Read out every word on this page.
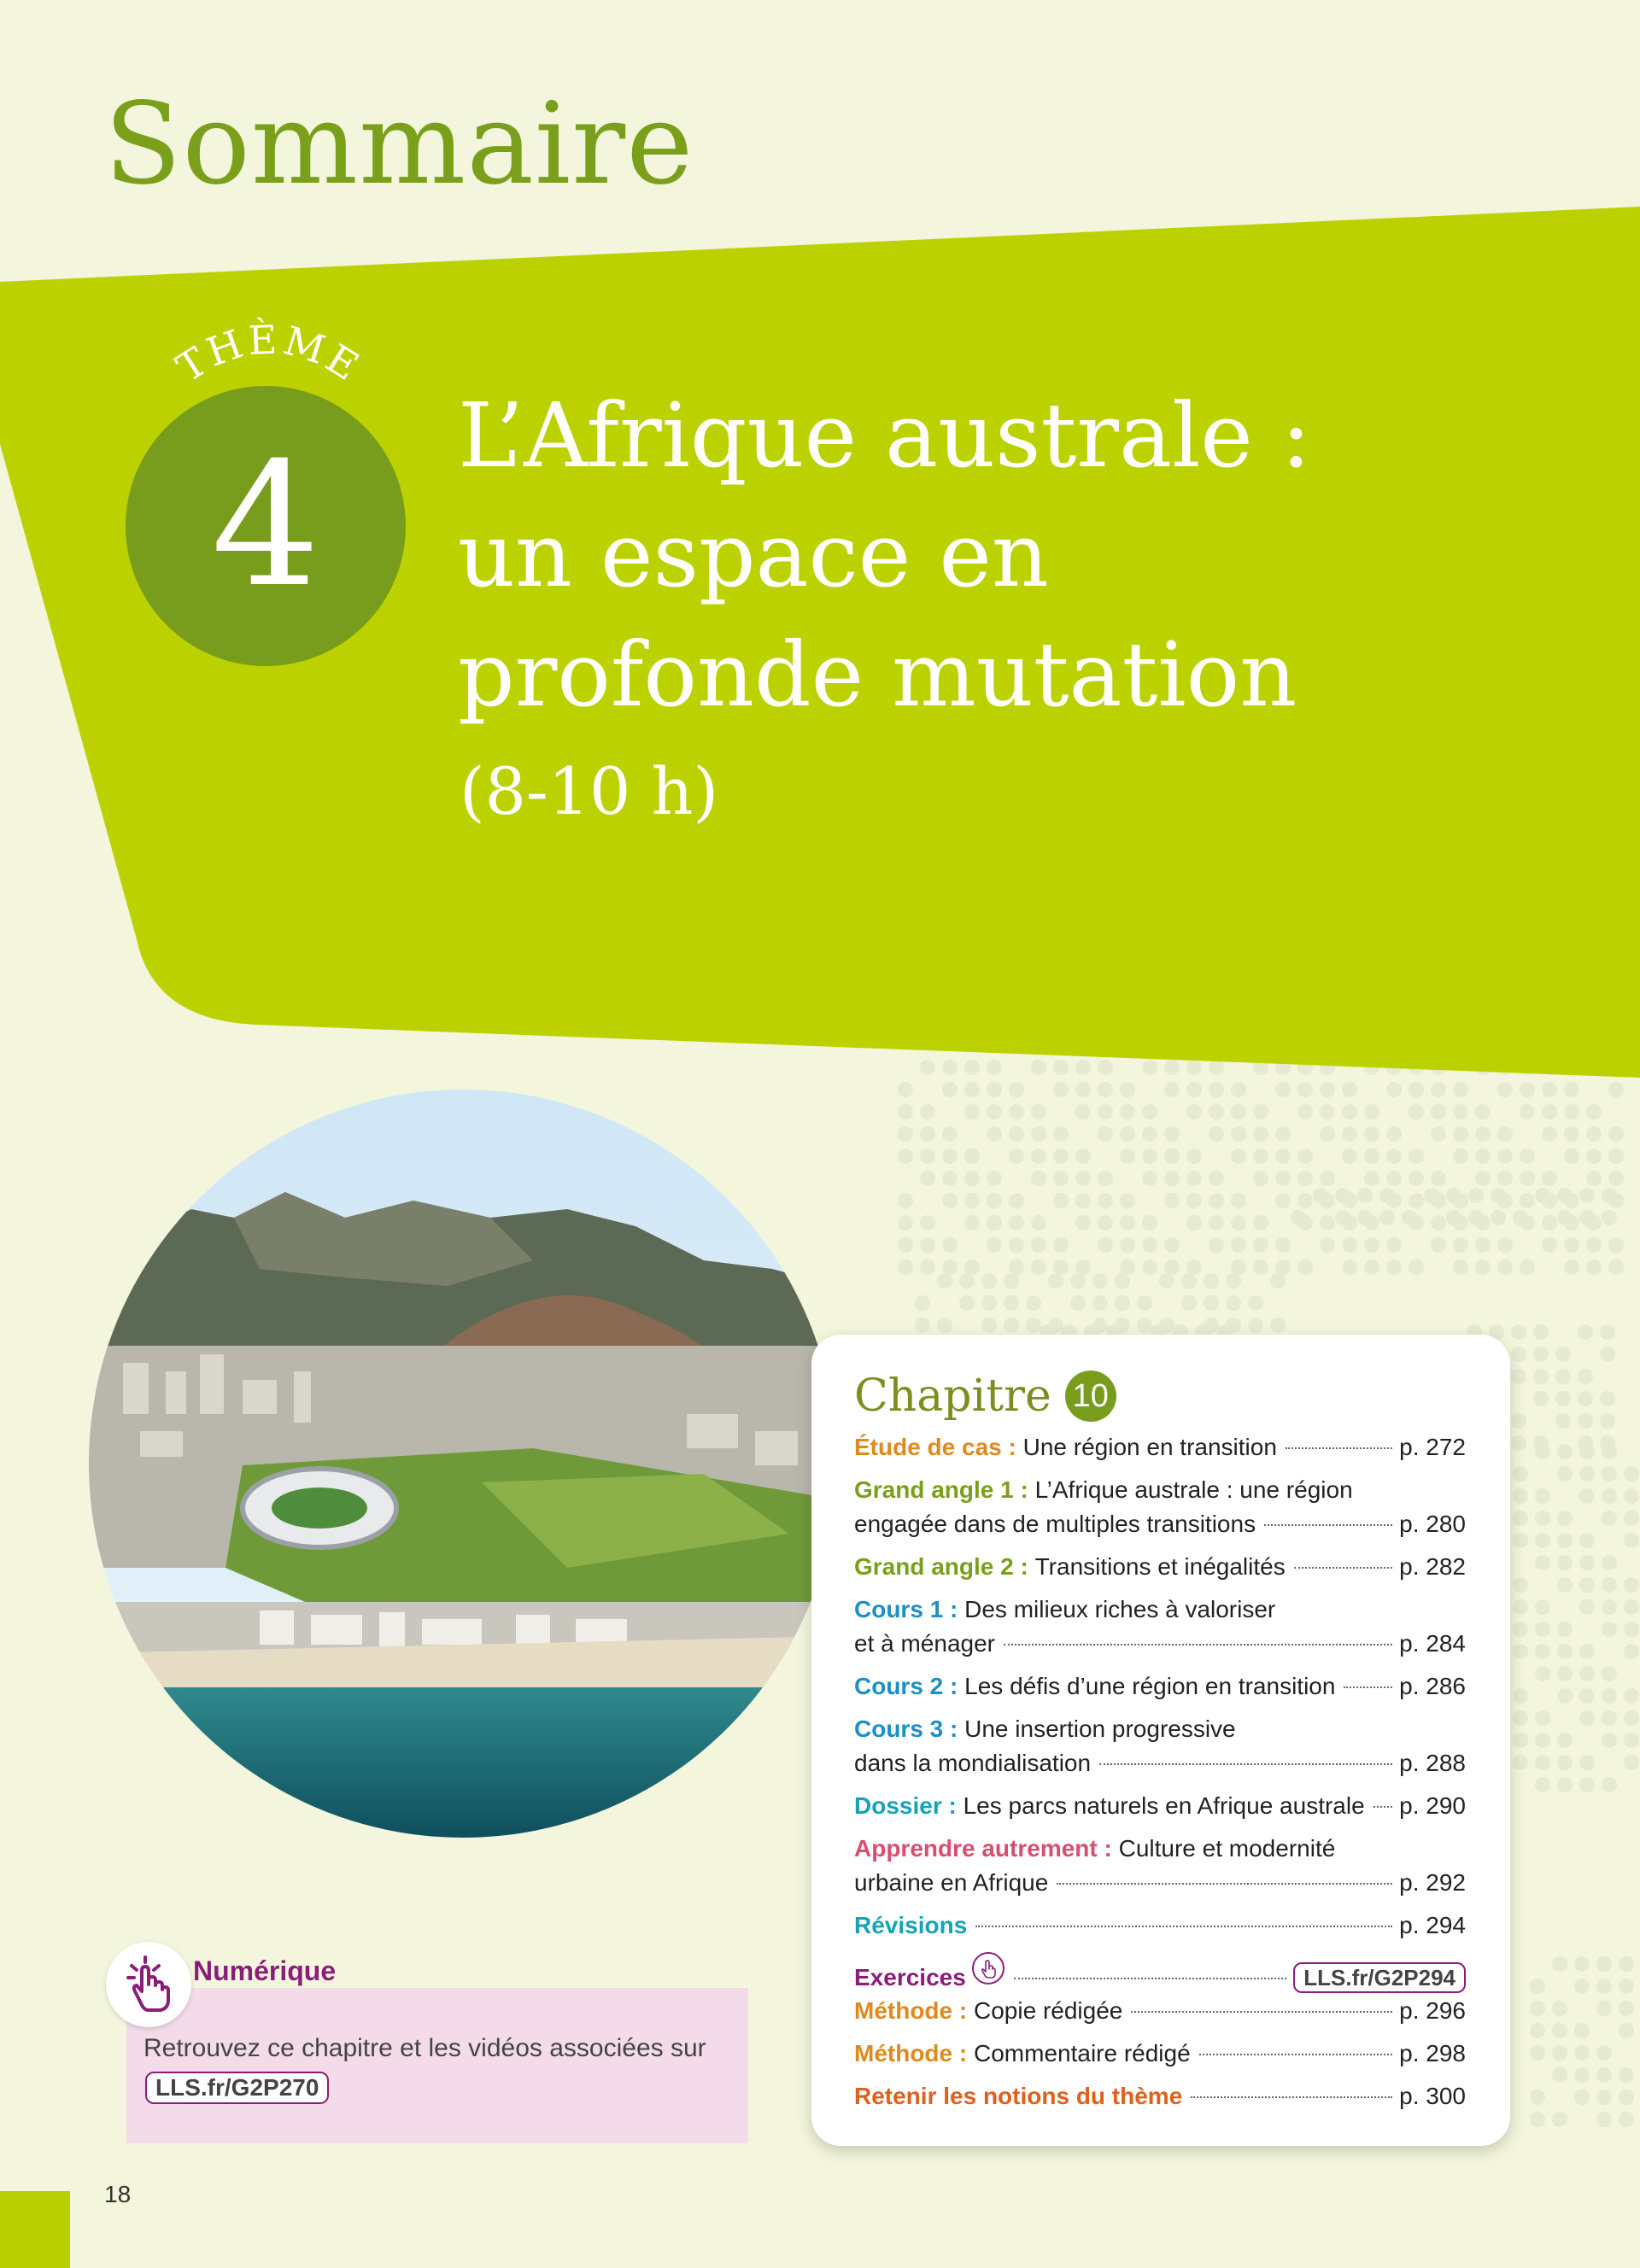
Sommaire
THÈME
4 L’Afrique australe :
un espace en
profonde mutation

(8-10 h)

Numérique
Retrouvez ce chapitre et les vidéos associées sur
LLS.fr/G2P270
18
Chapitre 10
Étude de cas :
Une région en transition	p. 272
Grand angle 1 : L’Afrique australe : une région
engagée dans de multiples transitions	p. 280
Grand angle 2 :
Transitions et inégalités	p. 282
Cours 1 : Des milieux riches à valoriser
et à ménager	p. 284
Cours 2 :
Les défis d’une région en transition	p. 286
Cours 3 : Une insertion progressive
dans la mondialisation	p. 288
Dossier :
Les parcs naturels en Afrique australe p. 290
Apprendre autrement : Culture et modernité
urbaine en Afrique	p. 292
Révisions	p. 294
Exercices	LLS.fr/G2P294
Méthode :
Copie rédigée	p. 296
Méthode :
Commentaire rédigé	p. 298
Retenir les notions du thème	p. 300
